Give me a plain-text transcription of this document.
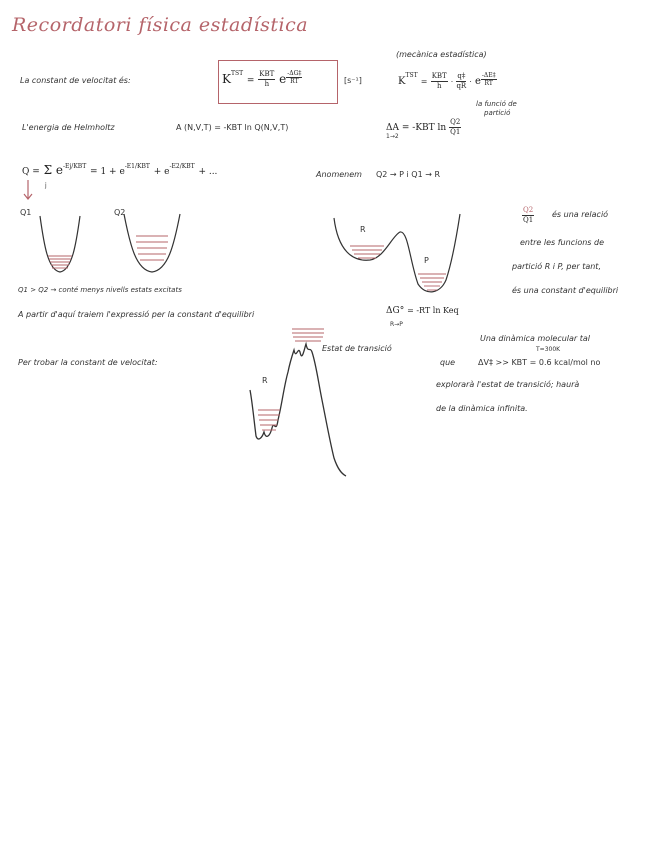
Recordatori física estadística
La constant de velocitat és:	$K^{TST} = \frac{\text{KBT}}{h}$ e $\frac{-\Delta G\ddagger}{RT}$	[s⁻¹]
(mecànica estadística)
$K^{TST} = \frac{\text{KBT}}{h} \cdot \frac{q\ddagger}{qR} \cdot e \frac{-\Delta E\ddagger}{RT}$
la funció de
partició
L'energia de Helmholtz	A (N,V,T) = -KBT ln Q(N,V,T)	ΔA = -KBT $\ln \frac{Q2}{Q1}$
1→2
Q = Σ $e^{-Ej/KBT} = 1 + e^{-E1/KBT} + e^{-E2/KBT}$ + ...
j
Anomenem Q2 → P i Q1 → R
Q1	Q2
Q1 > Q2 → conté menys nivells estats excitats
R
P
$\frac{Q2}{Q1}$ és una relació
entre les funcions de
partició R i P, per tant,
és una constant d'equilibri
A partir d'aquí traiem l'expressió per la constant d'equilibri	ΔG° = -RT ln Keq
R→P
Per trobar la constant de velocitat:
Estat de transició
R
Una dinàmica molecular tal
T=300K
que	ΔV‡ >> KBT = 0.6 kcal/mol no
explorarà l'estat de transició; haurà
de la dinàmica infinita.
